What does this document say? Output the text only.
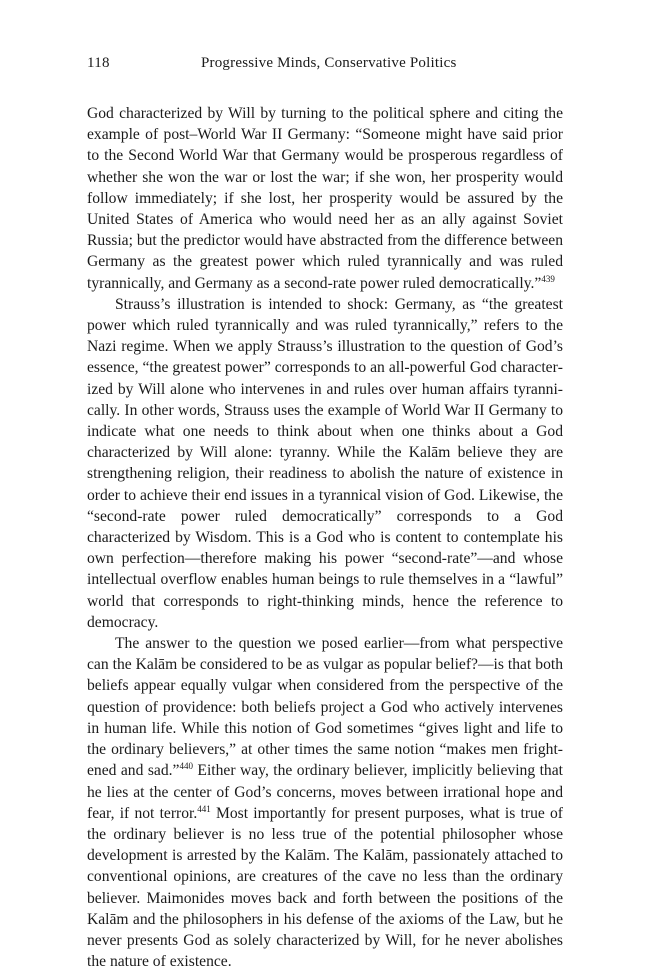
118	Progressive Minds, Conservative Politics

God characterized by Will by turning to the political sphere and citing the example of post–World War II Germany: “Someone might have said prior to the Second World War that Germany would be prosperous regardless of whether she won the war or lost the war; if she won, her prosperity would follow immediately; if she lost, her prosperity would be assured by the United States of America who would need her as an ally against Soviet Russia; but the predictor would have abstracted from the difference between Germany as the greatest power which ruled tyrannically and was ruled tyrannically, and Germany as a second-rate power ruled democratically.”$^{439}$

Strauss’s illustration is intended to shock: Germany, as “the greatest power which ruled tyrannically and was ruled tyrannically,” refers to the Nazi regime. When we apply Strauss’s illustration to the question of God’s essence, “the greatest power” corresponds to an all-powerful God characterized by Will alone who intervenes in and rules over human affairs tyrannically. In other words, Strauss uses the example of World War II Germany to indicate what one needs to think about when one thinks about a God characterized by Will alone: tyranny. While the Kalām believe they are strengthening religion, their readiness to abolish the nature of existence in order to achieve their end issues in a tyrannical vision of God. Likewise, the “second-rate power ruled democratically” corresponds to a God characterized by Wisdom. This is a God who is content to contemplate his own perfection—therefore making his power “second-rate”—and whose intellectual overflow enables human beings to rule themselves in a “lawful” world that corresponds to right-thinking minds, hence the reference to democracy.

The answer to the question we posed earlier—from what perspective can the Kalām be considered to be as vulgar as popular belief?—is that both beliefs appear equally vulgar when considered from the perspective of the question of providence: both beliefs project a God who actively intervenes in human life. While this notion of God sometimes “gives light and life to the ordinary believers,” at other times the same notion “makes men frightened and sad.”$^{440}$ Either way, the ordinary believer, implicitly believing that he lies at the center of God’s concerns, moves between irrational hope and fear, if not terror.$^{441}$ Most importantly for present purposes, what is true of the ordinary believer is no less true of the potential philosopher whose development is arrested by the Kalām. The Kalām, passionately attached to conventional opinions, are creatures of the cave no less than the ordinary believer. Maimonides moves back and forth between the positions of the Kalām and the philosophers in his defense of the axioms of the Law, but he never presents God as solely characterized by Will, for he never abolishes the nature of existence.
